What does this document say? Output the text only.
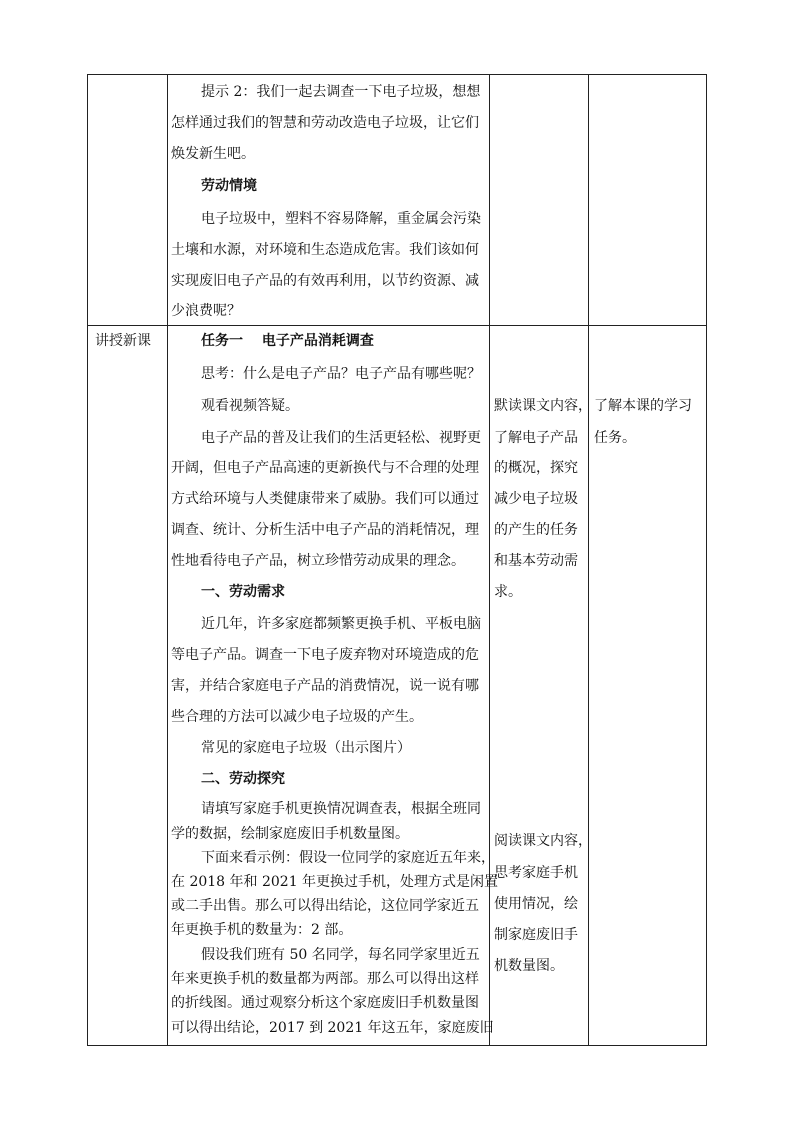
提示 2：我们一起去调查一下电子垃圾，想想
怎样通过我们的智慧和劳动改造电子垃圾，让它们
焕发新生吧。
劳动情境
电子垃圾中，塑料不容易降解，重金属会污染
土壤和水源，对环境和生态造成危害。我们该如何
实现废旧电子产品的有效再利用，以节约资源、减
少浪费呢？
讲授新课	任务一　 电子产品消耗调查
思考：什么是电子产品？电子产品有哪些呢？
观看视频答疑。
电子产品的普及让我们的生活更轻松、视野更
开阔，但电子产品高速的更新换代与不合理的处理
方式给环境与人类健康带来了威胁。我们可以通过
调查、统计、分析生活中电子产品的消耗情况，理
性地看待电子产品，树立珍惜劳动成果的理念。
一、劳动需求
近几年，许多家庭都频繁更换手机、平板电脑
等电子产品。调查一下电子废弃物对环境造成的危
害，并结合家庭电子产品的消费情况，说一说有哪
些合理的方法可以减少电子垃圾的产生。
常见的家庭电子垃圾（出示图片）
二、劳动探究
请填写家庭手机更换情况调查表，根据全班同
学的数据，绘制家庭废旧手机数量图。
下面来看示例：假设一位同学的家庭近五年来，
在 2018 年和 2021 年更换过手机，处理方式是闲置
或二手出售。那么可以得出结论，这位同学家近五
年更换手机的数量为：2 部。
假设我们班有 50 名同学，每名同学家里近五
年来更换手机的数量都为两部。那么可以得出这样
的折线图。通过观察分析这个家庭废旧手机数量图
可以得出结论，2017 到 2021 年这五年，家庭废旧
默读课文内容，
了解电子产品
的概况，探究
减少电子垃圾
的产生的任务
和基本劳动需
求。
阅读课文内容，
思考家庭手机
使用情况，绘
制家庭废旧手
机数量图。
了解本课的学习
任务。
